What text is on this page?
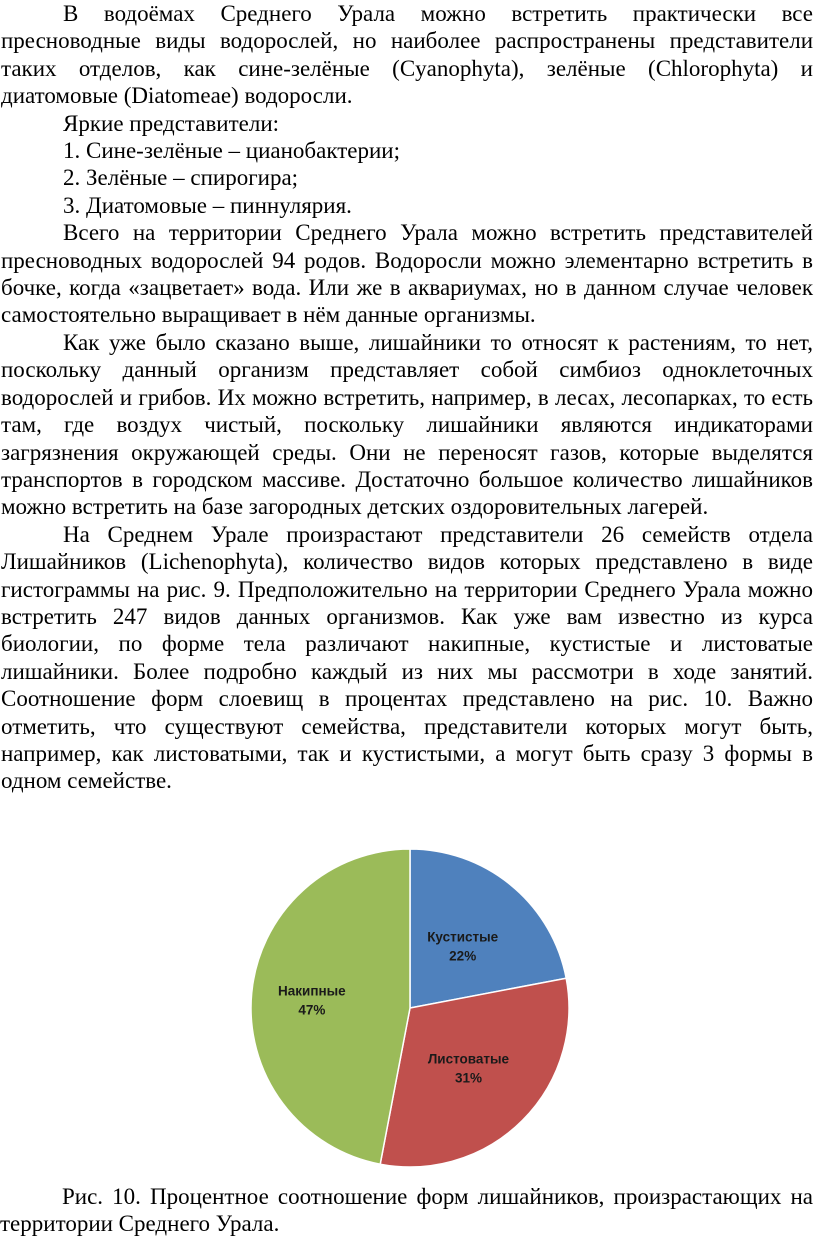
В водоёмах Среднего Урала можно встретить практически все пресноводные виды водорослей, но наиболее распространены представители таких отделов, как сине-зелёные (Cyanophyta), зелёные (Chlorophyta) и диатомовые (Diatomeae) водоросли.

Яркие представители:

1. Сине-зелёные – цианобактерии;

2. Зелёные – спирогира;

3. Диатомовые – пиннулярия.

Всего на территории Среднего Урала можно встретить представителей пресноводных водорослей 94 родов. Водоросли можно элементарно встретить в бочке, когда «зацветает» вода. Или же в аквариумах, но в данном случае человек самостоятельно выращивает в нём данные организмы.

Как уже было сказано выше, лишайники то относят к растениям, то нет, поскольку данный организм представляет собой симбиоз одноклеточных водорослей и грибов. Их можно встретить, например, в лесах, лесопарках, то есть там, где воздух чистый, поскольку лишайники являются индикаторами загрязнения окружающей среды. Они не переносят газов, которые выделятся транспортов в городском массиве. Достаточно большое количество лишайников можно встретить на базе загородных детских оздоровительных лагерей.

На Среднем Урале произрастают представители 26 семейств отдела Лишайников (Lichenophyta), количество видов которых представлено в виде гистограммы на рис. 9. Предположительно на территории Среднего Урала можно встретить 247 видов данных организмов. Как уже вам известно из курса биологии, по форме тела различают накипные, кустистые и листоватые лишайники. Более подробно каждый из них мы рассмотри в ходе занятий. Соотношение форм слоевищ в процентах представлено на рис. 10. Важно отметить, что существуют семейства, представители которых могут быть, например, как листоватыми, так и кустистыми, а могут быть сразу 3 формы в одном семействе.

Кустистые
22%
Листоватые
31%
Накипные
47%

Рис. 10. Процентное соотношение форм лишайников, произрастающих на территории Среднего Урала.
